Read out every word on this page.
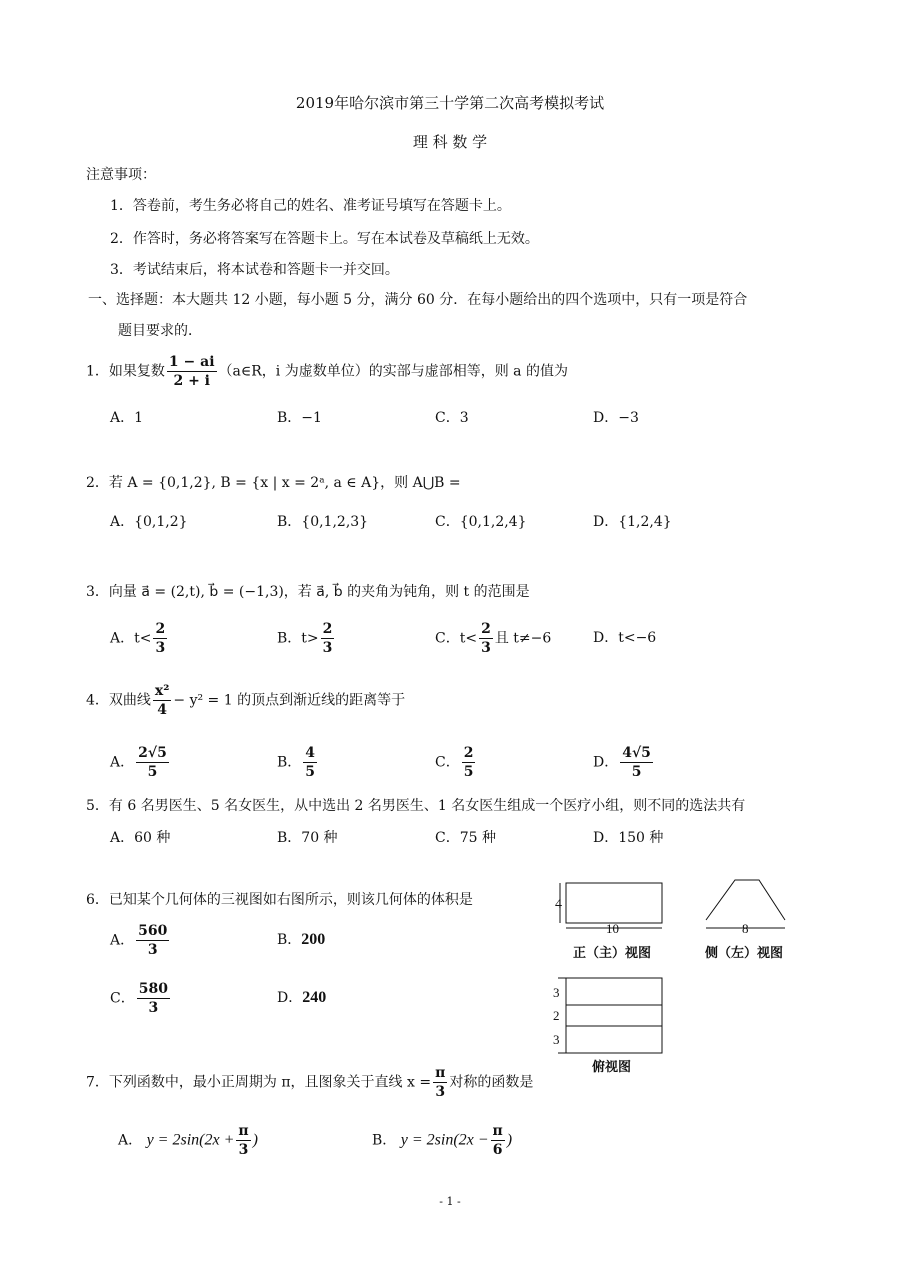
2019年哈尔滨市第三十学第二次高考模拟考试
理 科 数 学
注意事项：
1．答卷前，考生务必将自己的姓名、准考证号填写在答题卡上。
2．作答时，务必将答案写在答题卡上。写在本试卷及草稿纸上无效。
3．考试结束后，将本试卷和答题卡一并交回。
一、选择题：本大题共 12 小题，每小题 5 分，满分 60 分．在每小题给出的四个选项中，只有一项是符合
题目要求的．
1．如果复数 $\frac{1 - ai}{2 + i}$ （a∈R，i 为虚数单位）的实部与虚部相等，则 a 的值为
A．1	B．−1	C．3	D．−3
2．若 A = {0,1,2}, B = {x | x = 2ᵃ, a ∈ A}，则 A⋃B =
A．{0,1,2}	B．{0,1,2,3}	C．{0,1,2,4}	D．{1,2,4}
3．向量 a⃗ = (2,t), b⃗ = (−1,3)，若 a⃗, b⃗ 的夹角为钝角，则 t 的范围是
A．$t< \frac{2}{3}$	B．$t> \frac{2}{3}$	C．$t< \frac{2}{3}$ 且 t≠−6	D．t<−6
4．双曲线 $\frac{\text{x²}}{4} - y^2 = 1$ 的顶点到渐近线的距离等于
A． $\frac{2√5}{5}$	B． $\frac{4}{5}$	C． $\frac{2}{5}$	D． $\frac{4√5}{5}$
5．有 6 名男医生、5 名女医生，从中选出 2 名男医生、1 名女医生组成一个医疗小组，则不同的选法共有
A．60 种	B．70 种	C．75 种	D．150 种
6．已知某个几何体的三视图如右图所示，则该几何体的体积是
A． $\frac{560}{3}$	B．200
C． $\frac{580}{3}$	D．240
4
10	8
3
2
3
正（主）视图	侧（左）视图
俯视图
7．下列函数中，最小正周期为 π，且图象关于直线 $x = \frac{\pi}{3}$ 对称的函数是
A． $y = 2\sin(2x + \frac{\pi}{3}$ )	B． $y = 2\sin(2x - \frac{\pi}{6}$ )
- 1 -
